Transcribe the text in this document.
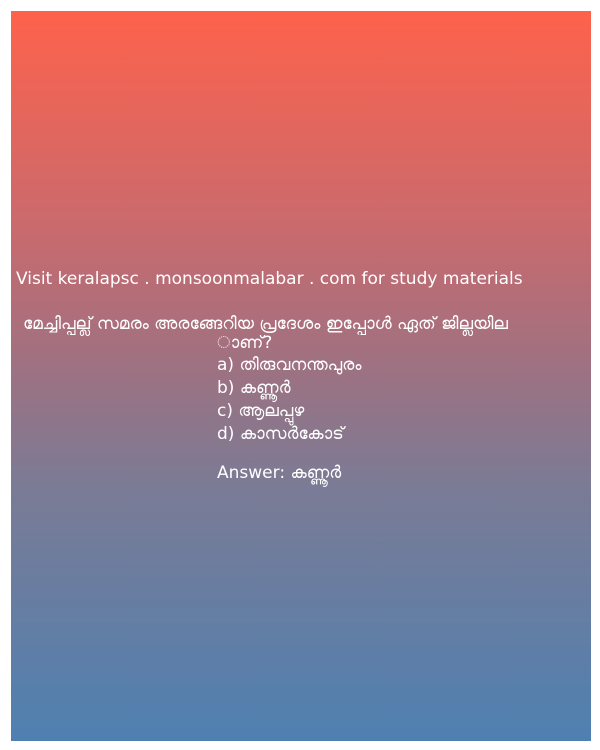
Visit keralapsc . monsoonmalabar . com for study materials
മേച്ചിപ്പല്ല് സമരം അരങ്ങേറിയ പ്രദേശം ഇപ്പോൾ ഏത് ജില്ലയില
ാണ്?
a) തിരുവനന്തപുരം
b) കണ്ണൂർ
c) ആലപ്പുഴ
d) കാസർകോട്
Answer: കണ്ണൂർ
